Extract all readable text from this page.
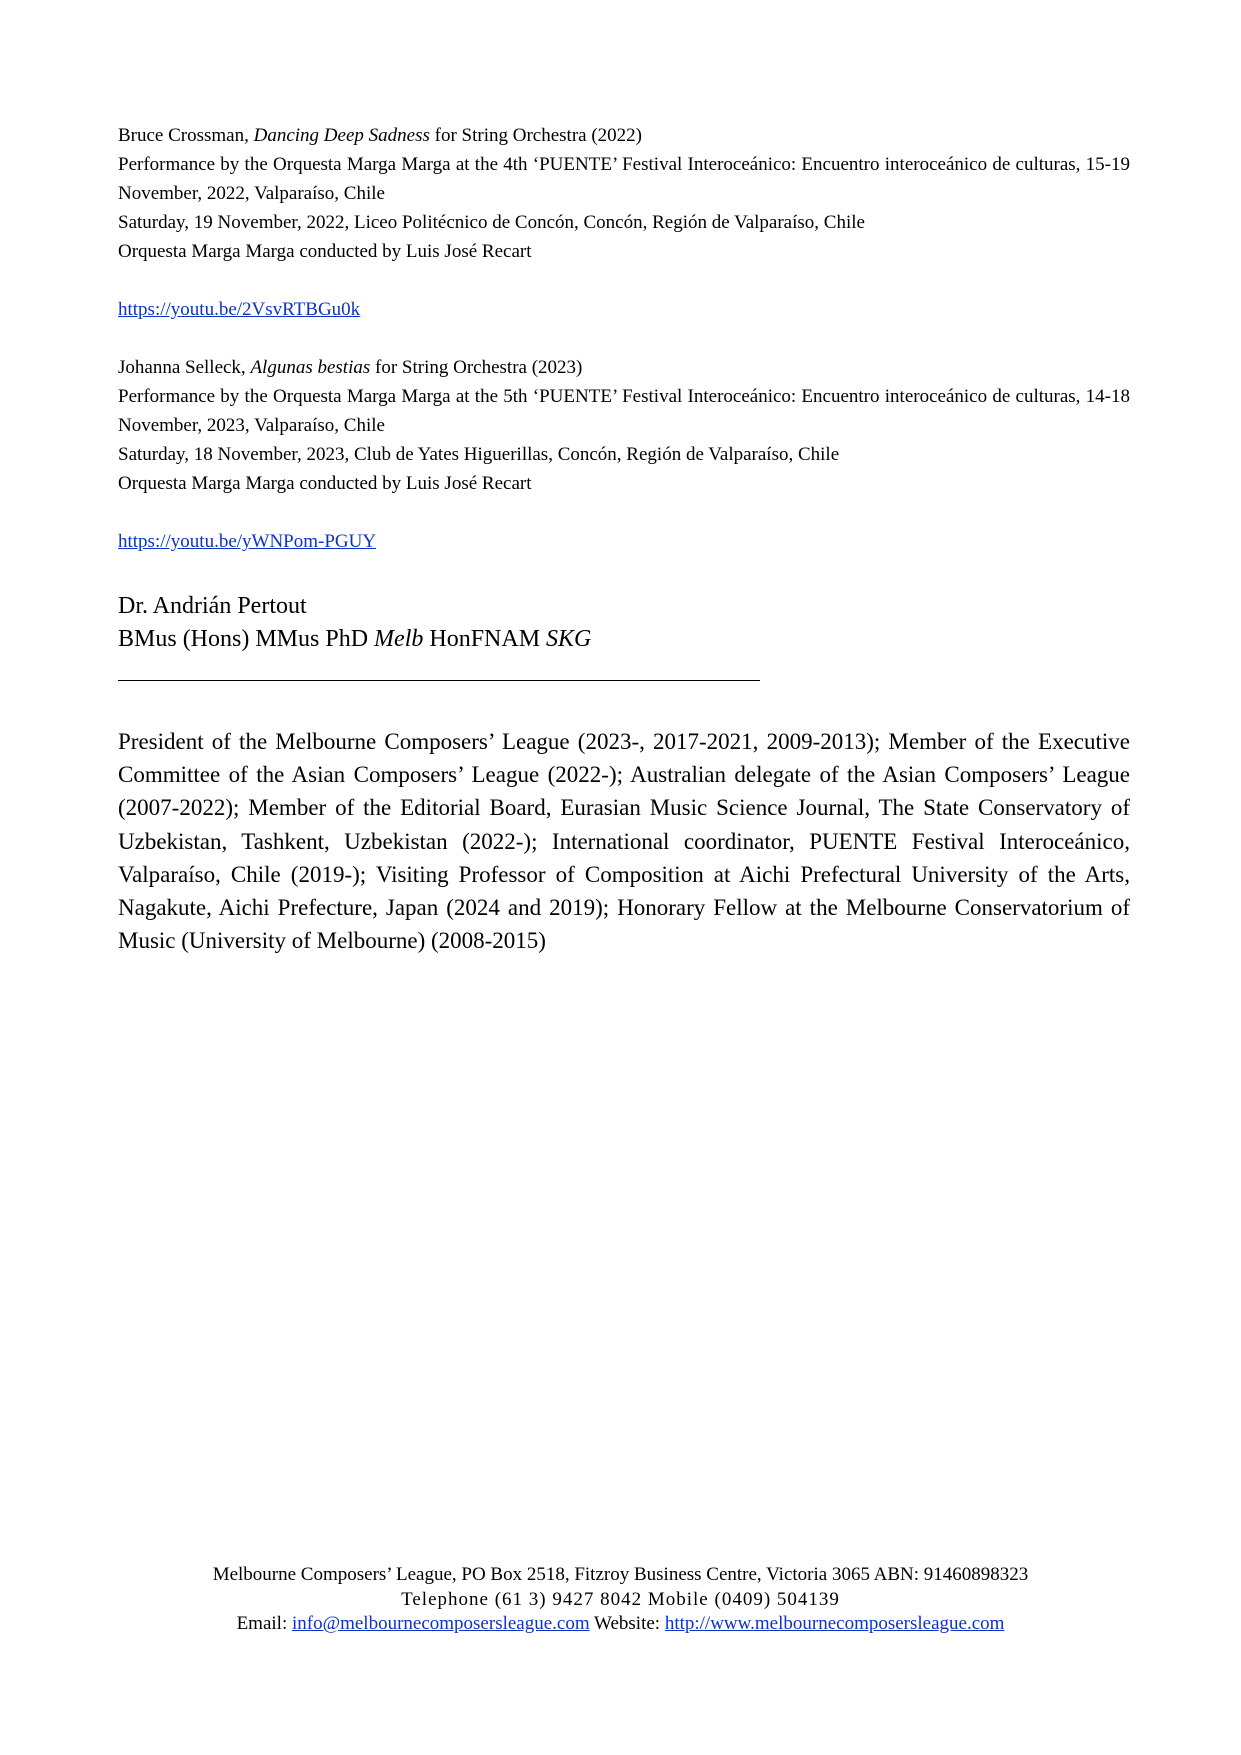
Bruce Crossman, Dancing Deep Sadness for String Orchestra (2022)

Performance by the Orquesta Marga Marga at the 4th ‘PUENTE’ Festival Interoceánico: Encuentro interoceánico de culturas, 15-19 November, 2022, Valparaíso, Chile

Saturday, 19 November, 2022, Liceo Politécnico de Concón, Concón, Región de Valparaíso, Chile

Orquesta Marga Marga conducted by Luis José Recart

https://youtu.be/2VsvRTBGu0k

Johanna Selleck, Algunas bestias for String Orchestra (2023)

Performance by the Orquesta Marga Marga at the 5th ‘PUENTE’ Festival Interoceánico: Encuentro interoceánico de culturas, 14-18 November, 2023, Valparaíso, Chile

Saturday, 18 November, 2023, Club de Yates Higuerillas, Concón, Región de Valparaíso, Chile

Orquesta Marga Marga conducted by Luis José Recart

https://youtu.be/yWNPom-PGUY

Dr. Andrián Pertout

BMus (Hons) MMus PhD Melb HonFNAM SKG

President of the Melbourne Composers’ League (2023-, 2017-2021, 2009-2013); Member of the Executive Committee of the Asian Composers’ League (2022-); Australian delegate of the Asian Composers’ League (2007-2022); Member of the Editorial Board, Eurasian Music Science Journal, The State Conservatory of Uzbekistan, Tashkent, Uzbekistan (2022-); International coordinator, PUENTE Festival Interoceánico, Valparaíso, Chile (2019-); Visiting Professor of Composition at Aichi Prefectural University of the Arts, Nagakute, Aichi Prefecture, Japan (2024 and 2019); Honorary Fellow at the Melbourne Conservatorium of Music (University of Melbourne) (2008-2015)

Melbourne Composers’ League, PO Box 2518, Fitzroy Business Centre, Victoria 3065 ABN: 91460898323

Telephone (61 3) 9427 8042 Mobile (0409) 504139

Email: info@melbournecomposersleague.com Website: http://www.melbournecomposersleague.com
